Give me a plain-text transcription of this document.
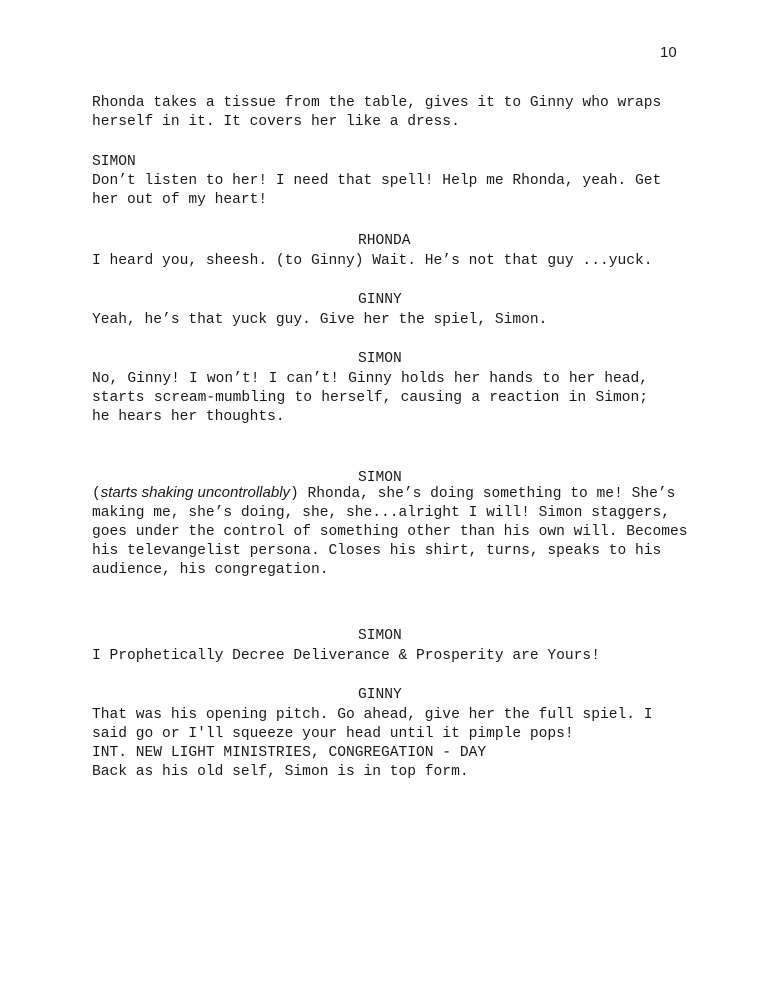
10

Rhonda takes a tissue from the table, gives it to Ginny who wraps herself in it. It covers her like a dress.

SIMON

Don’t listen to her! I need that spell! Help me Rhonda, yeah. Get her out of my heart!

RHONDA

I heard you, sheesh. (to Ginny) Wait. He’s not that guy ...yuck.

GINNY

Yeah, he’s that yuck guy. Give her the spiel, Simon.

SIMON

No, Ginny! I won’t! I can’t! Ginny holds her hands to her head, starts scream-mumbling to herself, causing a reaction in Simon; he hears her thoughts.

SIMON

(starts shaking uncontrollably) Rhonda, she’s doing something to me! She’s making me, she’s doing, she, she...alright I will! Simon staggers, goes under the control of something other than his own will. Becomes his televangelist persona. Closes his shirt, turns, speaks to his audience, his congregation.

SIMON

I Prophetically Decree Deliverance & Prosperity are Yours!

GINNY

That was his opening pitch. Go ahead, give her the full spiel. I said go or I'll squeeze your head until it pimple pops!

INT. NEW LIGHT MINISTRIES, CONGREGATION - DAY

Back as his old self, Simon is in top form.
